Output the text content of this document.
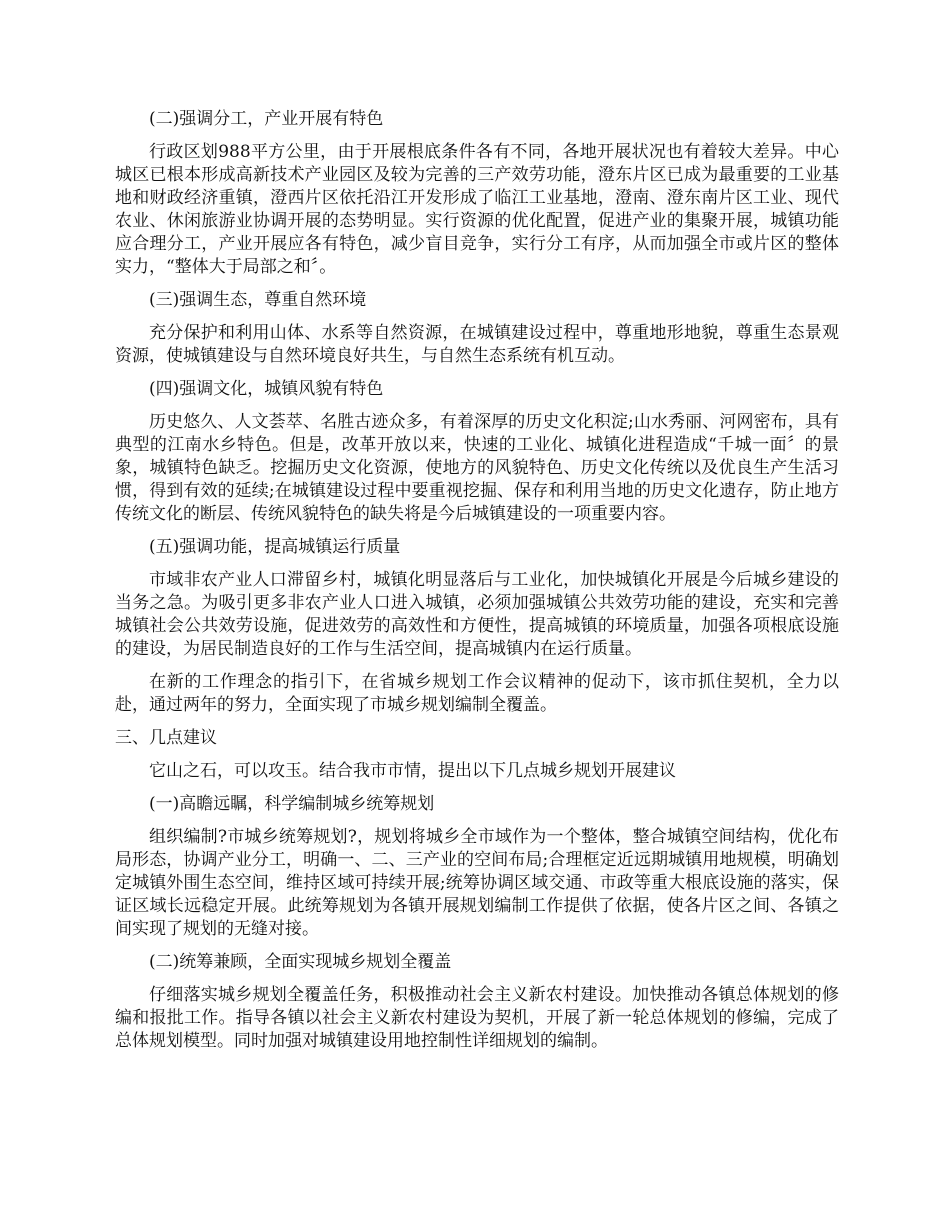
(二)强调分工，产业开展有特色

行政区划988平方公里，由于开展根底条件各有不同，各地开展状况也有着较大差异。中心城区已根本形成高新技术产业园区及较为完善的三产效劳功能，澄东片区已成为最重要的工业基地和财政经济重镇，澄西片区依托沿江开发形成了临江工业基地，澄南、澄东南片区工业、现代农业、休闲旅游业协调开展的态势明显。实行资源的优化配置，促进产业的集聚开展，城镇功能应合理分工，产业开展应各有特色，减少盲目竞争，实行分工有序，从而加强全市或片区的整体实力，“整体大于局部之和〞。

(三)强调生态，尊重自然环境

充分保护和利用山体、水系等自然资源，在城镇建设过程中，尊重地形地貌，尊重生态景观资源，使城镇建设与自然环境良好共生，与自然生态系统有机互动。

(四)强调文化，城镇风貌有特色

历史悠久、人文荟萃、名胜古迹众多，有着深厚的历史文化积淀;山水秀丽、河网密布，具有典型的江南水乡特色。但是，改革开放以来，快速的工业化、城镇化进程造成“千城一面〞的景象，城镇特色缺乏。挖掘历史文化资源，使地方的风貌特色、历史文化传统以及优良生产生活习惯，得到有效的延续;在城镇建设过程中要重视挖掘、保存和利用当地的历史文化遗存，防止地方传统文化的断层、传统风貌特色的缺失将是今后城镇建设的一项重要内容。

(五)强调功能，提高城镇运行质量

市域非农产业人口滞留乡村，城镇化明显落后与工业化，加快城镇化开展是今后城乡建设的当务之急。为吸引更多非农产业人口进入城镇，必须加强城镇公共效劳功能的建设，充实和完善城镇社会公共效劳设施，促进效劳的高效性和方便性，提高城镇的环境质量，加强各项根底设施的建设，为居民制造良好的工作与生活空间，提高城镇内在运行质量。

在新的工作理念的指引下，在省城乡规划工作会议精神的促动下，该市抓住契机，全力以赴，通过两年的努力，全面实现了市城乡规划编制全覆盖。

三、几点建议

它山之石，可以攻玉。结合我市市情，提出以下几点城乡规划开展建议

(一)高瞻远瞩，科学编制城乡统筹规划

组织编制?市城乡统筹规划?，规划将城乡全市域作为一个整体，整合城镇空间结构，优化布局形态，协调产业分工，明确一、二、三产业的空间布局;合理框定近远期城镇用地规模，明确划定城镇外围生态空间，维持区域可持续开展;统筹协调区域交通、市政等重大根底设施的落实，保证区域长远稳定开展。此统筹规划为各镇开展规划编制工作提供了依据，使各片区之间、各镇之间实现了规划的无缝对接。

(二)统筹兼顾，全面实现城乡规划全覆盖

仔细落实城乡规划全覆盖任务，积极推动社会主义新农村建设。加快推动各镇总体规划的修编和报批工作。指导各镇以社会主义新农村建设为契机，开展了新一轮总体规划的修编，完成了总体规划模型。同时加强对城镇建设用地控制性详细规划的编制。
